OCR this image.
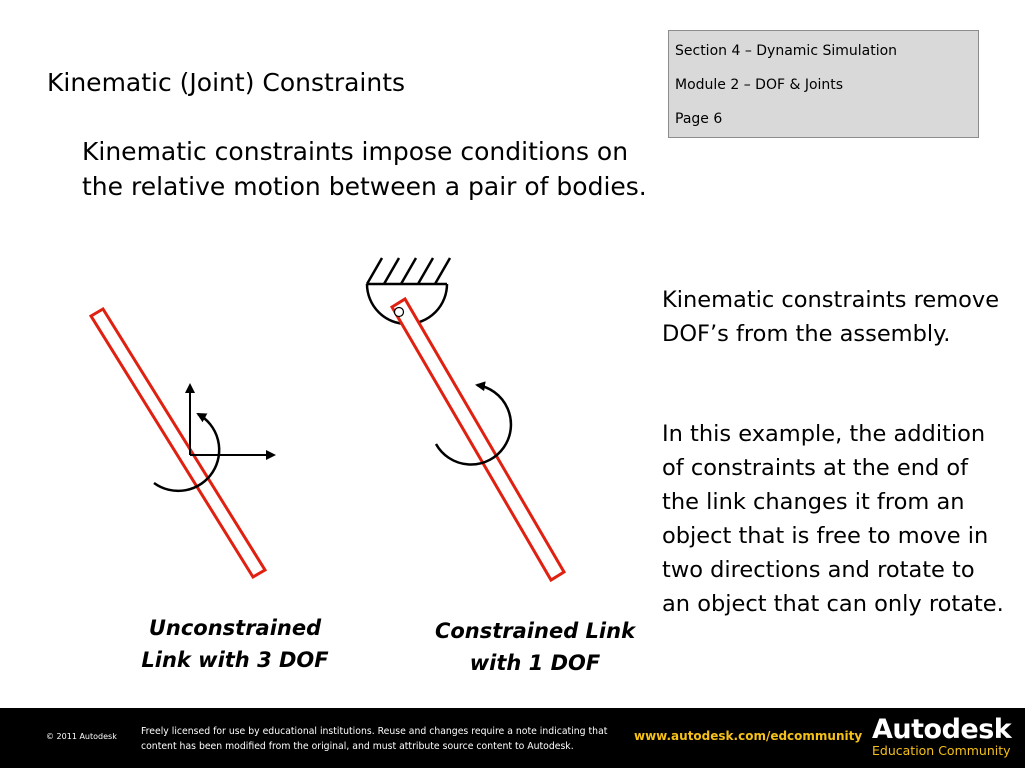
Kinematic (Joint) Constraints
Section 4 – Dynamic Simulation
Module 2 – DOF & Joints
Page 6
Kinematic constraints impose conditions on the relative motion between a pair of bodies.
Kinematic constraints remove DOF’s from the assembly.
In this example, the addition of constraints at the end of the link changes it from an object that is free to move in two directions and rotate to an object that can only rotate.
Unconstrained
Link with 3 DOF
Constrained Link
with 1 DOF
© 2011 Autodesk	Freely licensed for use by educational institutions. Reuse and changes require a note indicating that content has been modified from the original, and must attribute source content to Autodesk.
www.autodesk.com/edcommunity Autodesk
Education Community
